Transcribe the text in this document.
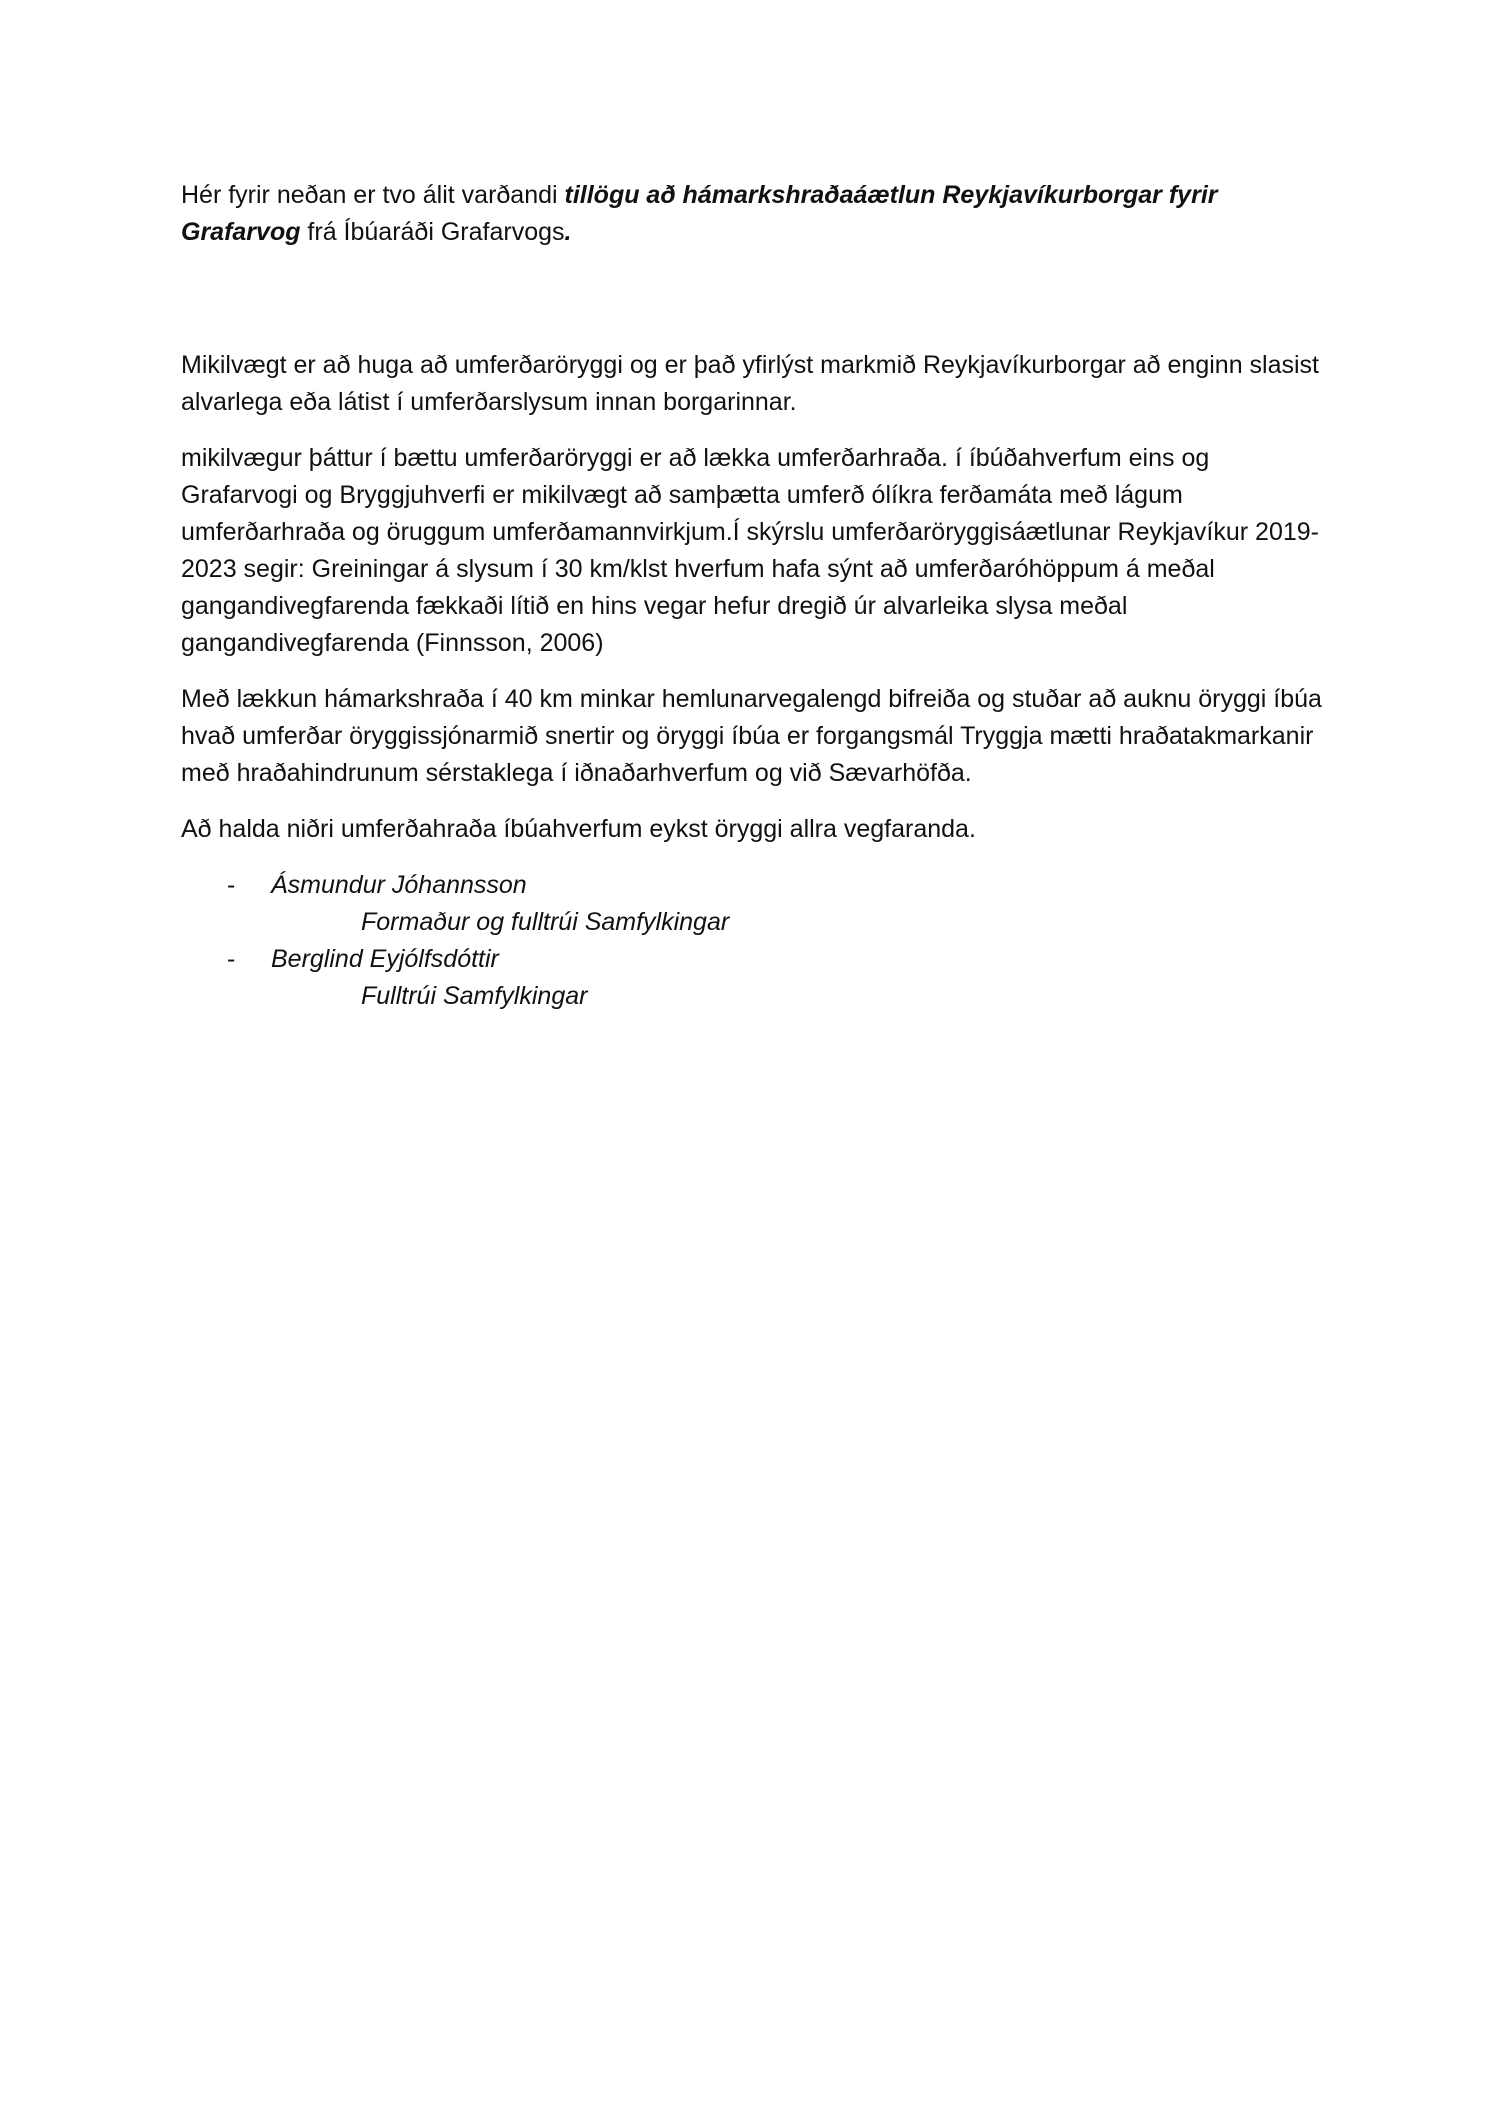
Hér fyrir neðan er tvo álit varðandi tillögu að hámarkshraðaáætlun Reykjavíkurborgar fyrir Grafarvog frá Íbúaráði Grafarvogs.

Mikilvægt er að huga að umferðaröryggi og er það yfirlýst markmið Reykjavíkurborgar að enginn slasist alvarlega eða látist í umferðarslysum innan borgarinnar.

mikilvægur þáttur í bættu umferðaröryggi er að lækka umferðarhraða. í íbúðahverfum eins og Grafarvogi og Bryggjuhverfi er mikilvægt að samþætta umferð ólíkra ferðamáta með lágum umferðarhraða og öruggum umferðamannvirkjum.Í skýrslu umferðaröryggisáætlunar Reykjavíkur 2019-2023 segir: Greiningar á slysum í 30 km/klst hverfum hafa sýnt að umferðaróhöppum á meðal gangandivegfarenda fækkaði lítið en hins vegar hefur dregið úr alvarleika slysa meðal gangandivegfarenda (Finnsson, 2006)

Með lækkun hámarkshraða í 40 km minkar hemlunarvegalengd bifreiða og stuðar að auknu öryggi íbúa hvað umferðar öryggissjónarmið snertir og öryggi íbúa er forgangsmál Tryggja mætti hraðatakmarkanir með hraðahindrunum sérstaklega í iðnaðarhverfum og við Sævarhöfða.

Að halda niðri umferðahraða íbúahverfum eykst öryggi allra vegfaranda.

- Ásmundur Jóhannsson
Formaður og fulltrúi Samfylkingar
- Berglind Eyjólfsdóttir
Fulltrúi Samfylkingar
